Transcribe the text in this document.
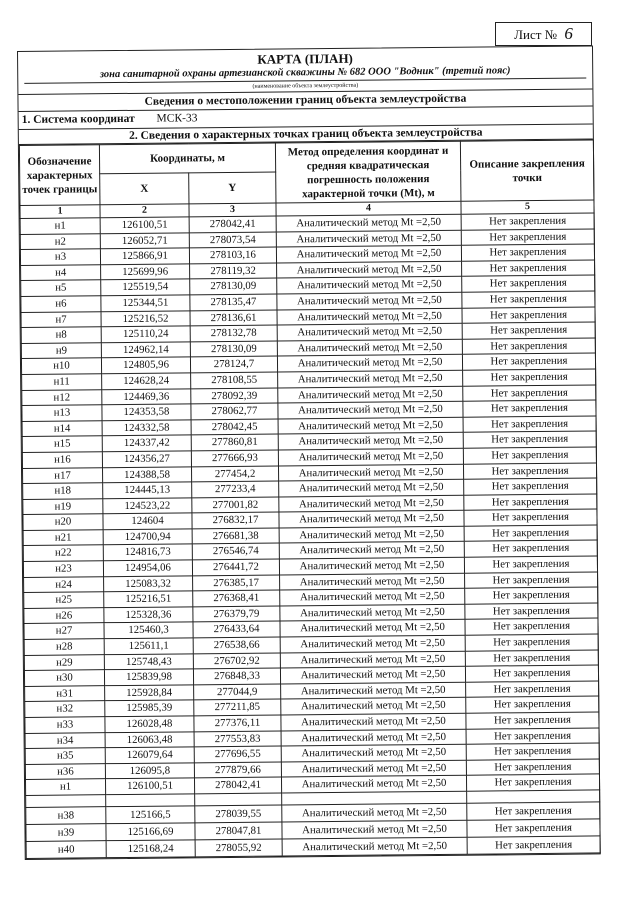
Лист № 6
КАРТА (ПЛАН)
зона санитарной охраны артезианской скважины № 682 ООО "Водник" (третий пояс)
(наименование объекта землеустройства)
Сведения о местоположении границ объекта землеустройства
1. Система координат МСК-33
2. Сведения о характерных точках границ объекта землеустройства
Обозначение характерных точек границы	Координаты, м		Метод определения координат и средняя квадратическая погрешность положения характерной точки (Mt), м	Описание закрепления точки
	X	Y		
1	2	3	4	5
н1	126100,51	278042,41	Аналитический метод Mt =2,50	Нет закрепления
н2	126052,71	278073,54	Аналитический метод Mt =2,50	Нет закрепления
н3	125866,91	278103,16	Аналитический метод Mt =2,50	Нет закрепления
н4	125699,96	278119,32	Аналитический метод Mt =2,50	Нет закрепления
н5	125519,54	278130,09	Аналитический метод Mt =2,50	Нет закрепления
н6	125344,51	278135,47	Аналитический метод Mt =2,50	Нет закрепления
н7	125216,52	278136,61	Аналитический метод Mt =2,50	Нет закрепления
н8	125110,24	278132,78	Аналитический метод Mt =2,50	Нет закрепления
н9	124962,14	278130,09	Аналитический метод Mt =2,50	Нет закрепления
н10	124805,96	278124,7	Аналитический метод Mt =2,50	Нет закрепления
н11	124628,24	278108,55	Аналитический метод Mt =2,50	Нет закрепления
н12	124469,36	278092,39	Аналитический метод Mt =2,50	Нет закрепления
н13	124353,58	278062,77	Аналитический метод Mt =2,50	Нет закрепления
н14	124332,58	278042,45	Аналитический метод Mt =2,50	Нет закрепления
н15	124337,42	277860,81	Аналитический метод Mt =2,50	Нет закрепления
н16	124356,27	277666,93	Аналитический метод Mt =2,50	Нет закрепления
н17	124388,58	277454,2	Аналитический метод Mt =2,50	Нет закрепления
н18	124445,13	277233,4	Аналитический метод Mt =2,50	Нет закрепления
н19	124523,22	277001,82	Аналитический метод Mt =2,50	Нет закрепления
н20	124604	276832,17	Аналитический метод Mt =2,50	Нет закрепления
н21	124700,94	276681,38	Аналитический метод Mt =2,50	Нет закрепления
н22	124816,73	276546,74	Аналитический метод Mt =2,50	Нет закрепления
н23	124954,06	276441,72	Аналитический метод Mt =2,50	Нет закрепления
н24	125083,32	276385,17	Аналитический метод Mt =2,50	Нет закрепления
н25	125216,51	276368,41	Аналитический метод Mt =2,50	Нет закрепления
н26	125328,36	276379,79	Аналитический метод Mt =2,50	Нет закрепления
н27	125460,3	276433,64	Аналитический метод Mt =2,50	Нет закрепления
н28	125611,1	276538,66	Аналитический метод Mt =2,50	Нет закрепления
н29	125748,43	276702,92	Аналитический метод Mt =2,50	Нет закрепления
н30	125839,98	276848,33	Аналитический метод Mt =2,50	Нет закрепления
н31	125928,84	277044,9	Аналитический метод Mt =2,50	Нет закрепления
н32	125985,39	277211,85	Аналитический метод Mt =2,50	Нет закрепления
н33	126028,48	277376,11	Аналитический метод Mt =2,50	Нет закрепления
н34	126063,48	277553,83	Аналитический метод Mt =2,50	Нет закрепления
н35	126079,64	277696,55	Аналитический метод Mt =2,50	Нет закрепления
н36	126095,8	277879,66	Аналитический метод Mt =2,50	Нет закрепления
н1	126100,51	278042,41	Аналитический метод Mt =2,50	Нет закрепления

н38	125166,5	278039,55	Аналитический метод Mt =2,50	Нет закрепления
н39	125166,69	278047,81	Аналитический метод Mt =2,50	Нет закрепления
н40	125168,24	278055,92	Аналитический метод Mt =2,50	Нет закрепления
